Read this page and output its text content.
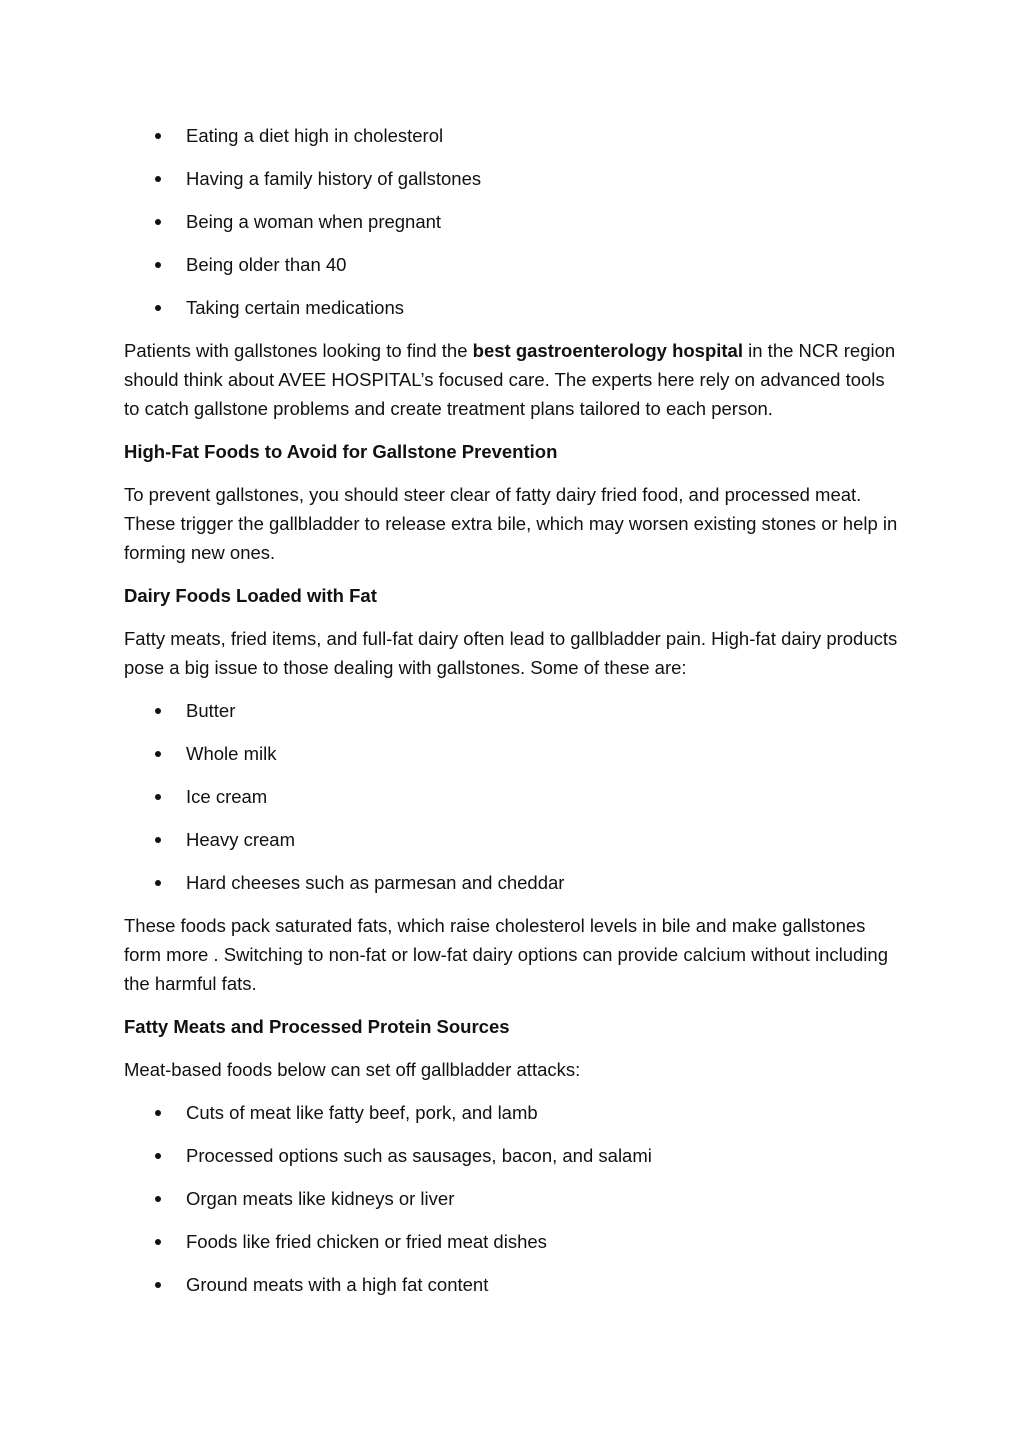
Eating a diet high in cholesterol
Having a family history of gallstones
Being a woman when pregnant
Being older than 40
Taking certain medications

Patients with gallstones looking to find the best gastroenterology hospital in the NCR region should think about AVEE HOSPITAL’s focused care. The experts here rely on advanced tools to catch gallstone problems and create treatment plans tailored to each person.

High-Fat Foods to Avoid for Gallstone Prevention

To prevent gallstones, you should steer clear of fatty dairy fried food, and processed meat. These trigger the gallbladder to release extra bile, which may worsen existing stones or help in forming new ones.

Dairy Foods Loaded with Fat

Fatty meats, fried items, and full-fat dairy often lead to gallbladder pain. High-fat dairy products pose a big issue to those dealing with gallstones. Some of these are:

Butter
Whole milk
Ice cream
Heavy cream
Hard cheeses such as parmesan and cheddar

These foods pack saturated fats, which raise cholesterol levels in bile and make gallstones form more . Switching to non-fat or low-fat dairy options can provide calcium without including the harmful fats.

Fatty Meats and Processed Protein Sources

Meat-based foods below can set off gallbladder attacks:

Cuts of meat like fatty beef, pork, and lamb
Processed options such as sausages, bacon, and salami
Organ meats like kidneys or liver
Foods like fried chicken or fried meat dishes
Ground meats with a high fat content
